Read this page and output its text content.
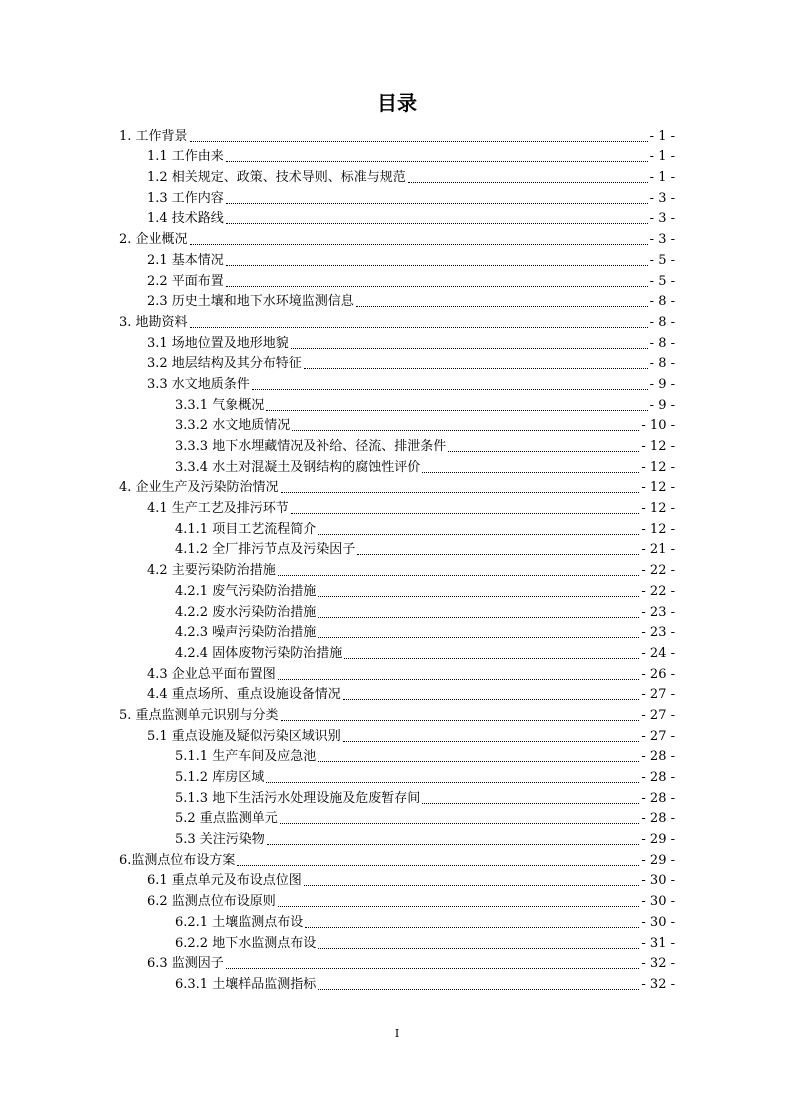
目录
1. 工作背景	- 1 -
1.1 工作由来	- 1 -
1.2 相关规定、政策、技术导则、标准与规范	- 1 -
1.3 工作内容	- 3 -
1.4 技术路线	- 3 -
2. 企业概况	- 3 -
2.1 基本情况	- 5 -
2.2 平面布置	- 5 -
2.3 历史土壤和地下水环境监测信息	- 8 -
3. 地勘资料	- 8 -
3.1 场地位置及地形地貌	- 8 -
3.2 地层结构及其分布特征	- 8 -
3.3 水文地质条件	- 9 -
3.3.1 气象概况	- 9 -
3.3.2 水文地质情况	- 10 -
3.3.3 地下水埋藏情况及补给、径流、排泄条件	- 12 -
3.3.4 水土对混凝土及钢结构的腐蚀性评价	- 12 -
4. 企业生产及污染防治情况	- 12 -
4.1 生产工艺及排污环节	- 12 -
4.1.1 项目工艺流程简介	- 12 -
4.1.2 全厂排污节点及污染因子	- 21 -
4.2 主要污染防治措施	- 22 -
4.2.1 废气污染防治措施	- 22 -
4.2.2 废水污染防治措施	- 23 -
4.2.3 噪声污染防治措施	- 23 -
4.2.4 固体废物污染防治措施	- 24 -
4.3 企业总平面布置图	- 26 -
4.4 重点场所、重点设施设备情况	- 27 -
5. 重点监测单元识别与分类	- 27 -
5.1 重点设施及疑似污染区域识别	- 27 -
5.1.1 生产车间及应急池	- 28 -
5.1.2 库房区域	- 28 -
5.1.3 地下生活污水处理设施及危废暂存间	- 28 -
5.2 重点监测单元	- 28 -
5.3 关注污染物	- 29 -
6.监测点位布设方案	- 29 -
6.1 重点单元及布设点位图	- 30 -
6.2 监测点位布设原则	- 30 -
6.2.1 土壤监测点布设	- 30 -
6.2.2 地下水监测点布设	- 31 -
6.3 监测因子	- 32 -
6.3.1 土壤样品监测指标	- 32 -
I
